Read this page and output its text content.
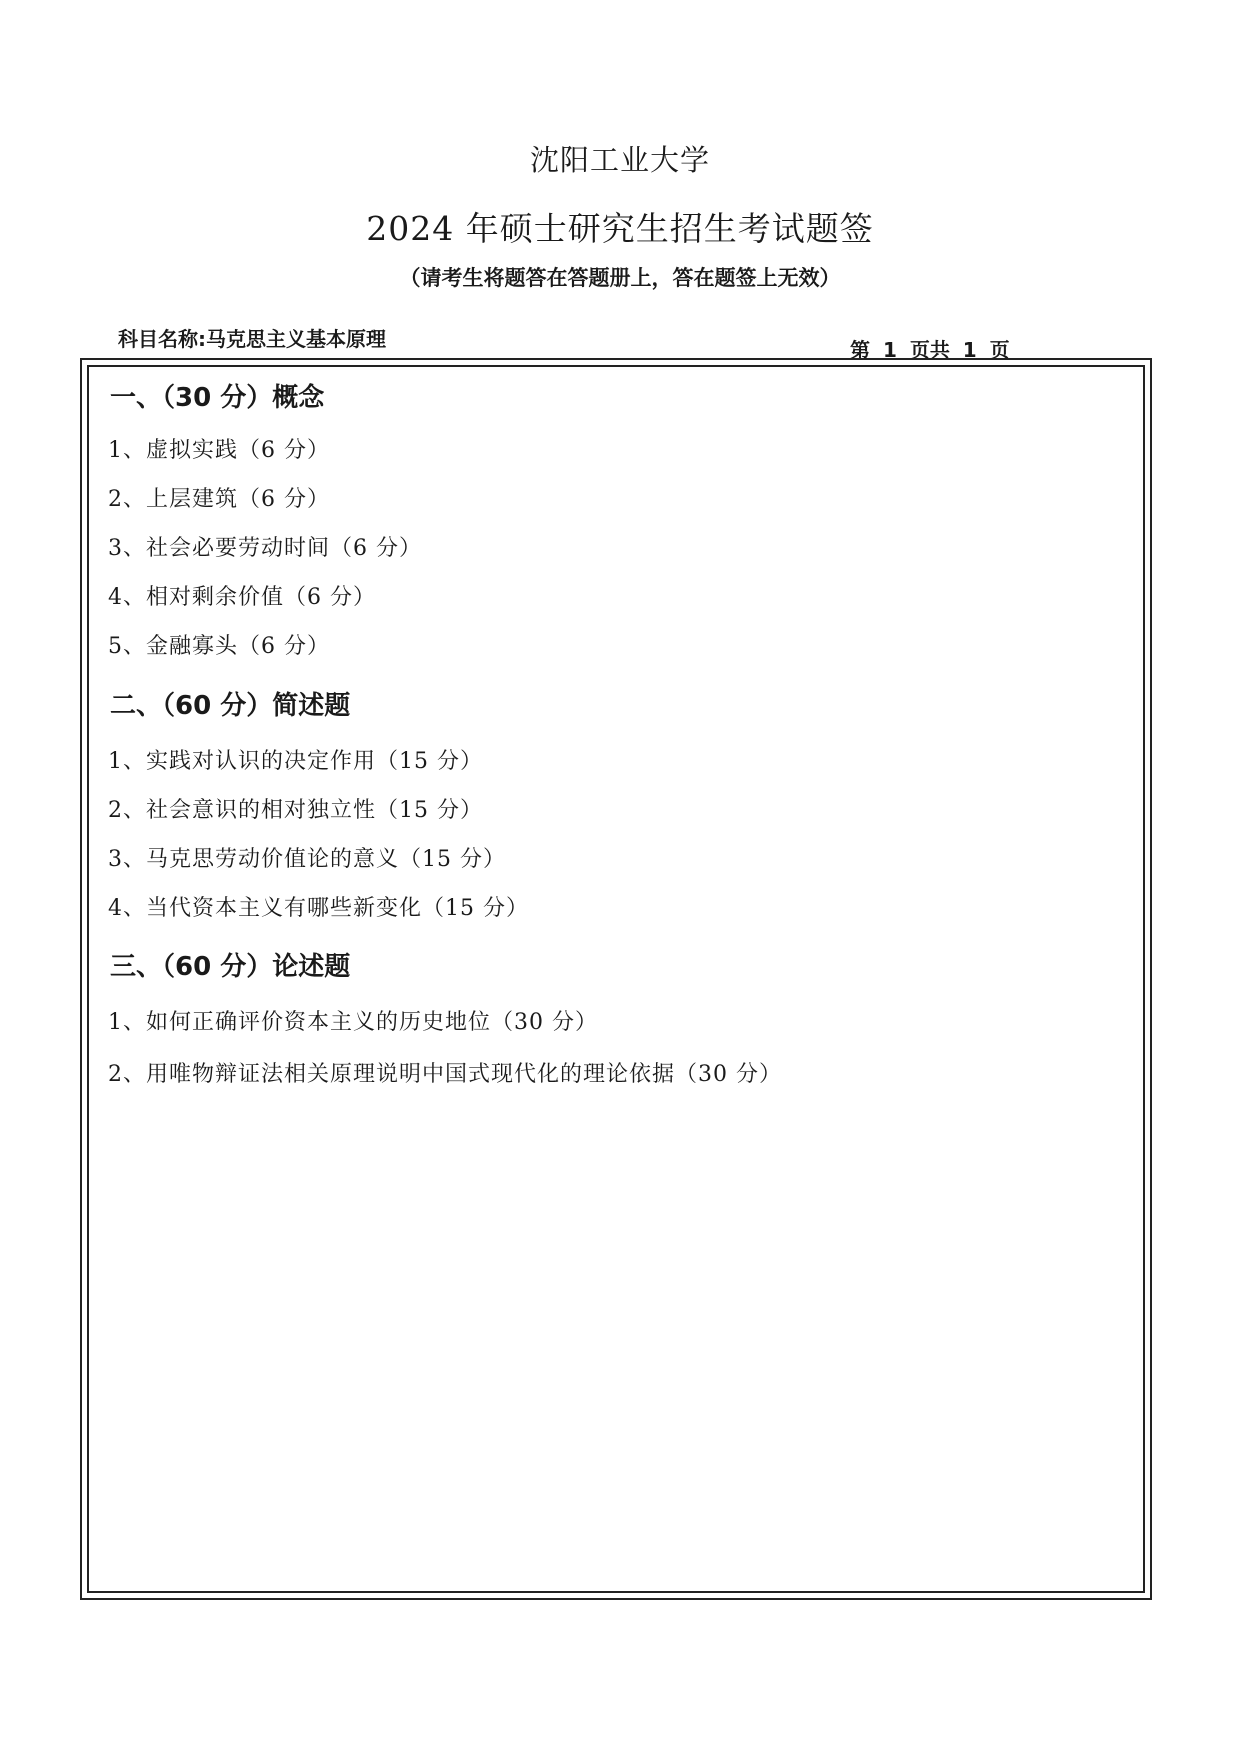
沈阳工业大学
2024 年硕士研究生招生考试题签
（请考生将题答在答题册上，答在题签上无效）
科目名称:马克思主义基本原理	第 1 页共 1 页
一、（30 分）概念
1、虚拟实践（6 分）
2、上层建筑（6 分）
3、社会必要劳动时间（6 分）
4、相对剩余价值（6 分）
5、金融寡头（6 分）
二、（60 分）简述题
1、实践对认识的决定作用（15 分）
2、社会意识的相对独立性（15 分）
3、马克思劳动价值论的意义（15 分）
4、当代资本主义有哪些新变化（15 分）
三、（60 分）论述题
1、如何正确评价资本主义的历史地位（30 分）
2、用唯物辩证法相关原理说明中国式现代化的理论依据（30 分）
